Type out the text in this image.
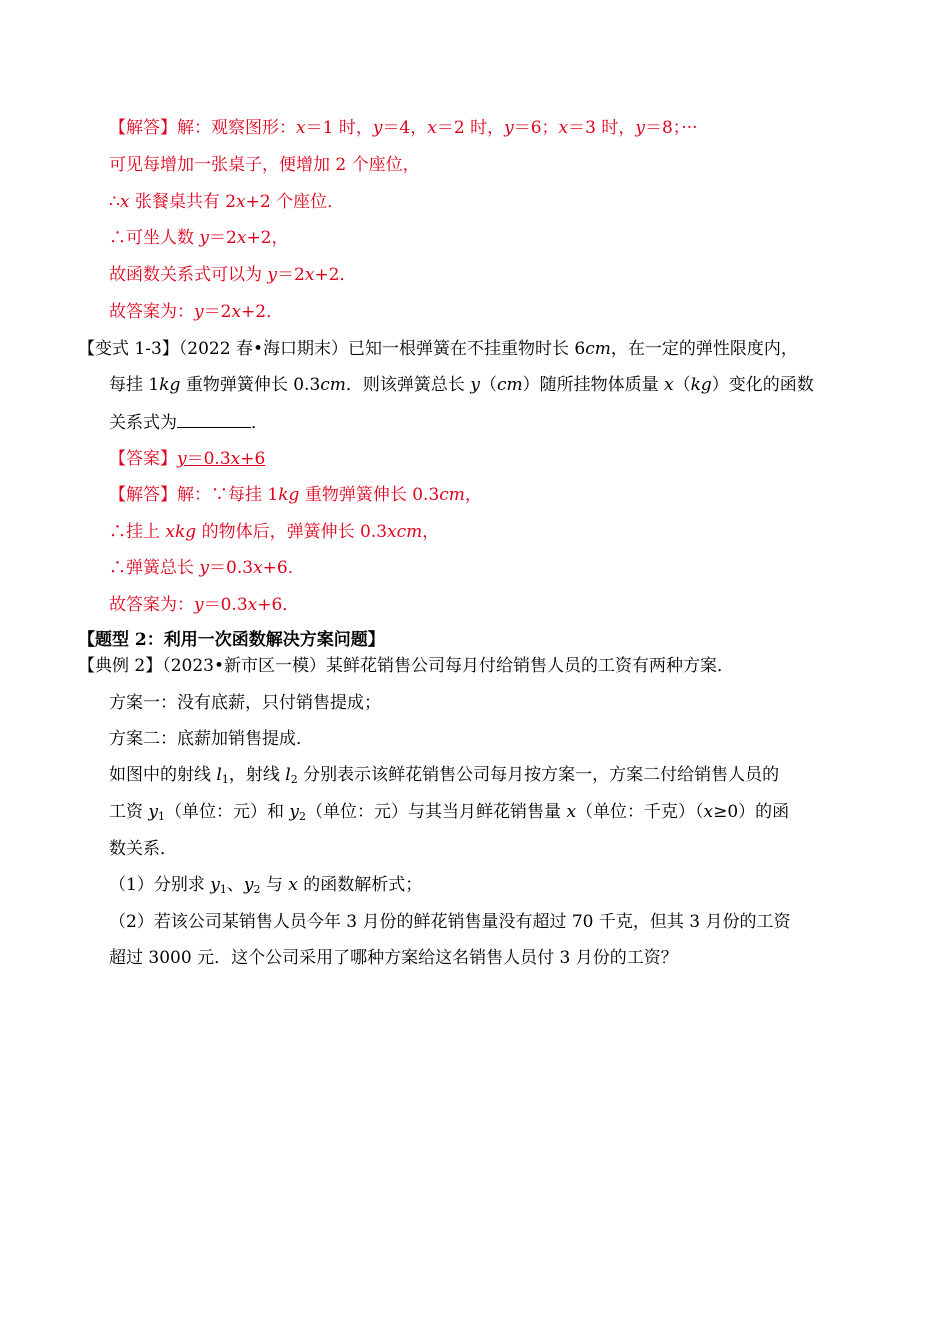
【解答】解：观察图形：x＝1 时，y＝4，x＝2 时，y＝6；x＝3 时，y＝8；···
可见每增加一张桌子，便增加 2 个座位，
∴x 张餐桌共有 2x+2 个座位．
∴可坐人数 y＝2x+2，
故函数关系式可以为 y＝2x+2．
故答案为：y＝2x+2．
【变式 1-3】（2022 春•海口期末）已知一根弹簧在不挂重物时长 6cm，在一定的弹性限度内，
每挂 1kg 重物弹簧伸长 0.3cm．则该弹簧总长 y（cm）随所挂物体质量 x（kg）变化的函数
关系式为	．
【答案】y＝0.3x+6
【解答】解：∵每挂 1kg 重物弹簧伸长 0.3cm，
∴挂上 xkg 的物体后，弹簧伸长 0.3xcm，
∴弹簧总长 y＝0.3x+6．
故答案为：y＝0.3x+6．
【题型 2：利用一次函数解决方案问题】
【典例 2】（2023•新市区一模）某鲜花销售公司每月付给销售人员的工资有两种方案．
方案一：没有底薪，只付销售提成；
方案二：底薪加销售提成．
如图中的射线 $l_1$，射线 $l_2$ 分别表示该鲜花销售公司每月按方案一，方案二付给销售人员的
工资 $y_1$（单位：元）和 $y_2$（单位：元）与其当月鲜花销售量 x（单位：千克）（x≥0）的函
数关系．
（1）分别求 $y_1$、$y_2$ 与 x 的函数解析式；
（2）若该公司某销售人员今年 3 月份的鲜花销售量没有超过 70 千克，但其 3 月份的工资
超过 3000 元．这个公司采用了哪种方案给这名销售人员付 3 月份的工资？
